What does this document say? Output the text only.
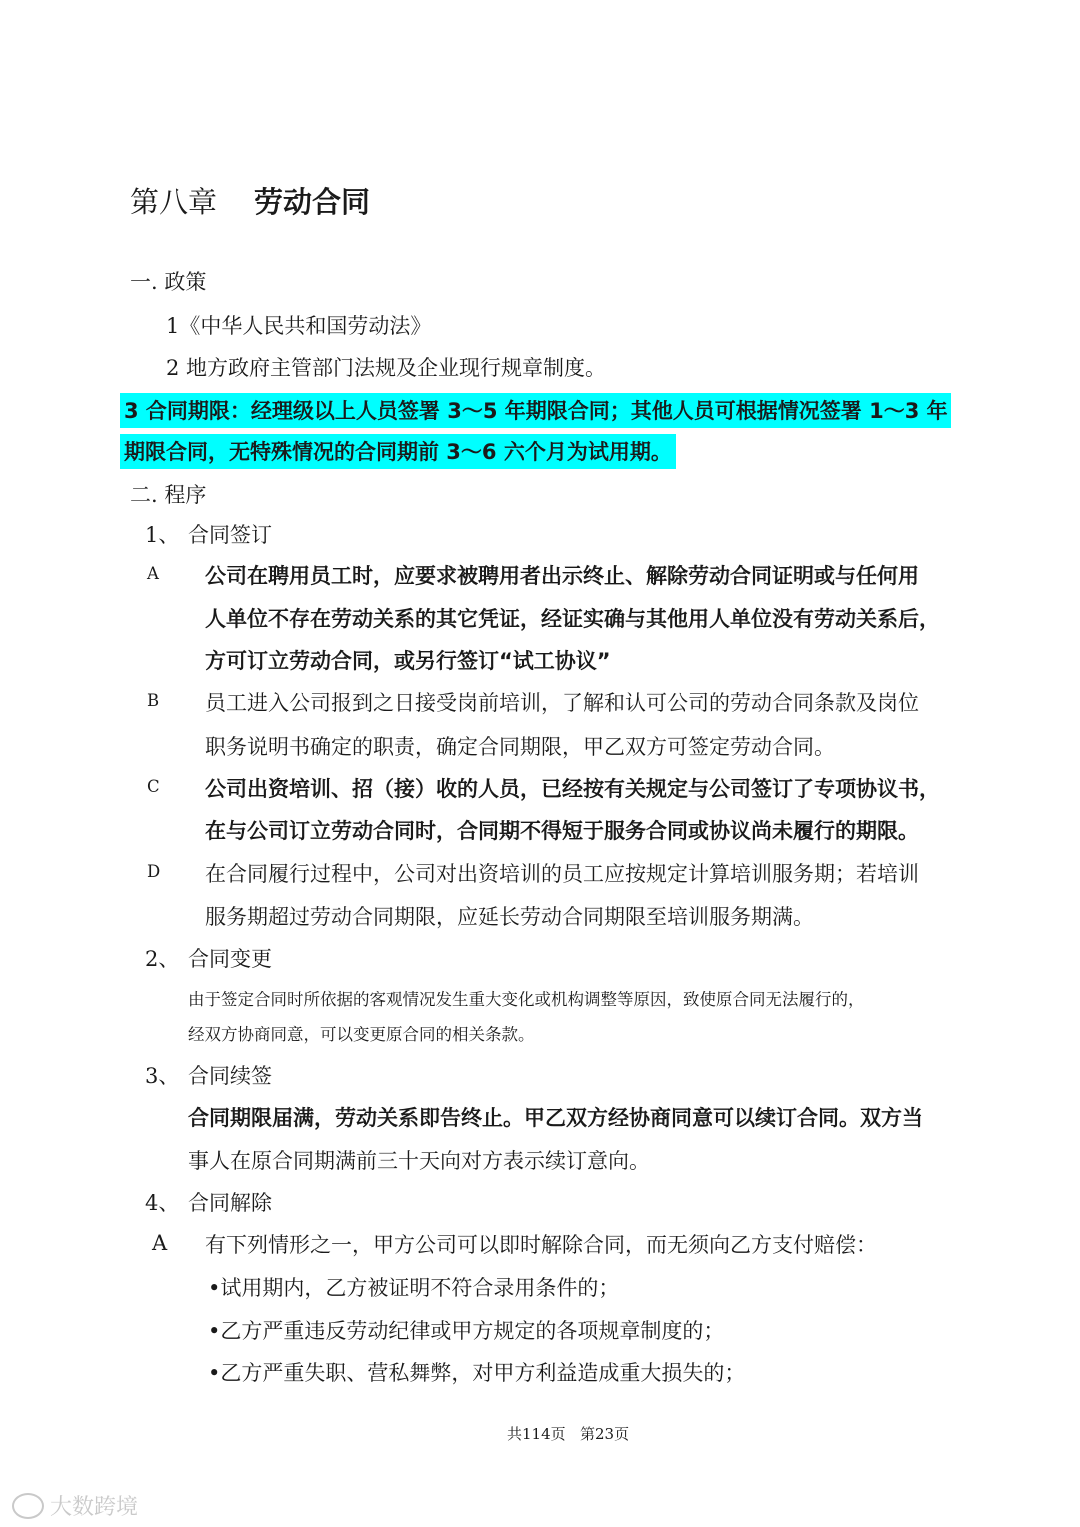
第八章 劳动合同
一. 政策
1《中华人民共和国劳动法》
2 地方政府主管部门法规及企业现行规章制度。
3 合同期限：经理级以上人员签署 3～5 年期限合同；其他人员可根据情况签署 1～3 年
期限合同，无特殊情况的合同期前 3～6 六个月为试用期。
二. 程序
1、 合同签订
A 公司在聘用员工时，应要求被聘用者出示终止、解除劳动合同证明或与任何用
人单位不存在劳动关系的其它凭证，经证实确与其他用人单位没有劳动关系后，
方可订立劳动合同，或另行签订“试工协议”
B 员工进入公司报到之日接受岗前培训，了解和认可公司的劳动合同条款及岗位
职务说明书确定的职责，确定合同期限，甲乙双方可签定劳动合同。
C 公司出资培训、招（接）收的人员，已经按有关规定与公司签订了专项协议书，
在与公司订立劳动合同时，合同期不得短于服务合同或协议尚未履行的期限。
D 在合同履行过程中，公司对出资培训的员工应按规定计算培训服务期；若培训
服务期超过劳动合同期限，应延长劳动合同期限至培训服务期满。
2、 合同变更
由于签定合同时所依据的客观情况发生重大变化或机构调整等原因，致使原合同无法履行的，
经双方协商同意，可以变更原合同的相关条款。
3、 合同续签
合同期限届满，劳动关系即告终止。甲乙双方经协商同意可以续订合同。双方当
事人在原合同期满前三十天向对方表示续订意向。
4、 合同解除
A 有下列情形之一，甲方公司可以即时解除合同，而无须向乙方支付赔偿：
•试用期内，乙方被证明不符合录用条件的；
•乙方严重违反劳动纪律或甲方规定的各项规章制度的；
•乙方严重失职、营私舞弊，对甲方利益造成重大损失的；
共114页 第23页
大数跨境
